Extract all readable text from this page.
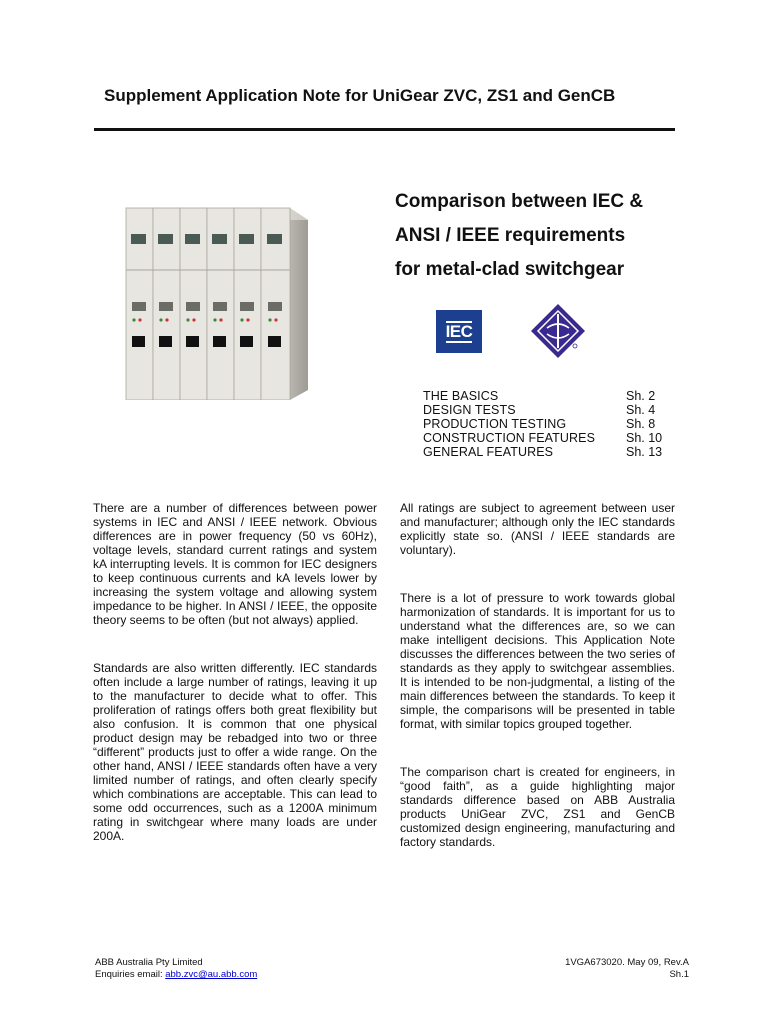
Supplement Application Note for UniGear ZVC, ZS1 and GenCB
Comparison between IEC &
ANSI / IEEE requirements
for metal-clad switchgear
IEC
THE BASICS	Sh. 2
DESIGN TESTS	Sh. 4
PRODUCTION TESTING	Sh. 8
CONSTRUCTION FEATURES Sh. 10
GENERAL FEATURES	Sh. 13

There are a number of differences between power systems in IEC and ANSI / IEEE network. Obvious differences are in power frequency (50 vs 60Hz), voltage levels, standard current ratings and system kA interrupting levels. It is common for IEC designers to keep continuous currents and kA levels lower by increasing the system voltage and allowing system impedance to be higher. In ANSI / IEEE, the opposite theory seems to be often (but not always) applied.

Standards are also written differently. IEC standards often include a large number of ratings, leaving it up to the manufacturer to decide what to offer. This proliferation of ratings offers both great flexibility but also confusion. It is common that one physical product design may be rebadged into two or three “different” products just to offer a wide range. On the other hand, ANSI / IEEE standards often have a very limited number of ratings, and often clearly specify which combinations are acceptable. This can lead to some odd occurrences, such as a 1200A minimum rating in switchgear where many loads are under 200A.

All ratings are subject to agreement between user and manufacturer; although only the IEC standards explicitly state so. (ANSI / IEEE standards are voluntary).

There is a lot of pressure to work towards global harmonization of standards. It is important for us to understand what the differences are, so we can make intelligent decisions. This Application Note discusses the differences between the two series of standards as they apply to switchgear assemblies. It is intended to be non-judgmental, a listing of the main differences between the standards. To keep it simple, the comparisons will be presented in table format, with similar topics grouped together.

The comparison chart is created for engineers, in “good faith”, as a guide highlighting major standards difference based on ABB Australia products UniGear ZVC, ZS1 and GenCB customized design engineering, manufacturing and factory standards.

ABB Australia Pty Limited
Enquiries email: abb.zvc@au.abb.com
1VGA673020. May 09, Rev.A
Sh.1
